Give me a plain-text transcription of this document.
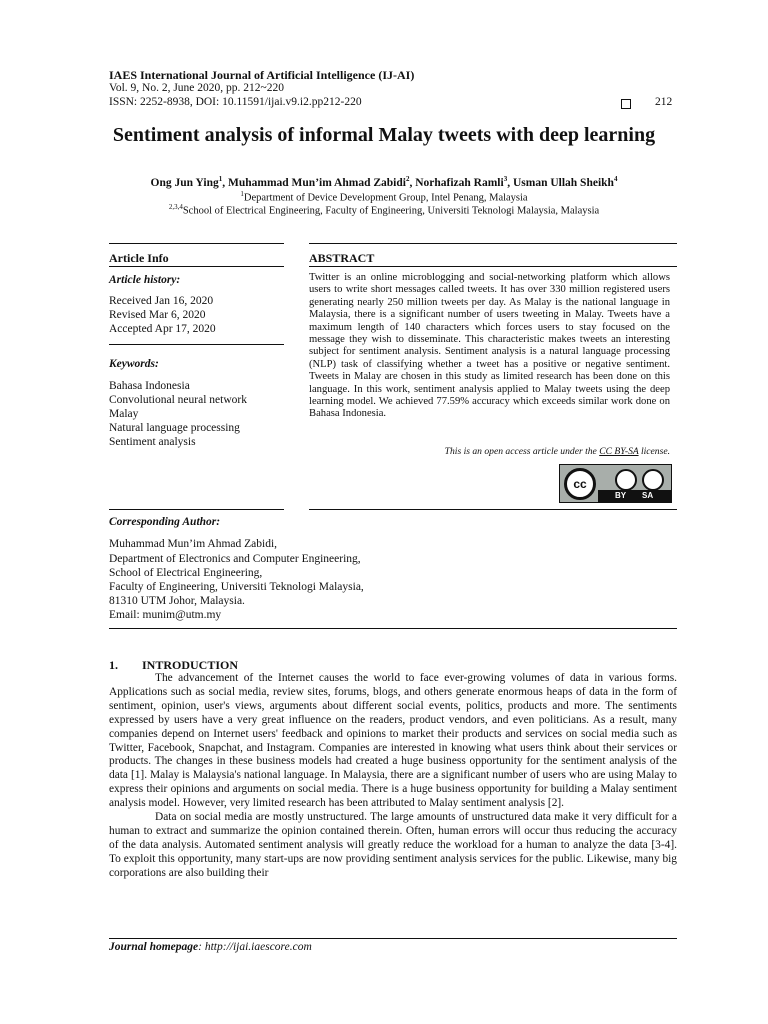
IAES International Journal of Artificial Intelligence (IJ-AI)
Vol. 9, No. 2, June 2020, pp. 212~220
ISSN: 2252-8938, DOI: 10.11591/ijai.v9.i2.pp212-220	212
Sentiment analysis of informal Malay tweets with deep learning
Ong Jun Ying$^1$, Muhammad Mun’im Ahmad Zabidi$^2$, Norhafizah Ramli$^3$, Usman Ullah Sheikh$^4$
$^1$Department of Device Development Group, Intel Penang, Malaysia
$^{2,3,4}$School of Electrical Engineering, Faculty of Engineering, Universiti Teknologi Malaysia, Malaysia
Article Info
Article history:
Received Jan 16, 2020
Revised Mar 6, 2020
Accepted Apr 17, 2020
Keywords:
Bahasa Indonesia
Convolutional neural network
Malay
Natural language processing
Sentiment analysis
ABSTRACT
Twitter is an online microblogging and social-networking platform which allows users to write short messages called tweets. It has over 330 million registered users generating nearly 250 million tweets per day. As Malay is the national language in Malaysia, there is a significant number of users tweeting in Malay. Tweets have a maximum length of 140 characters which forces users to stay focused on the message they wish to disseminate. This characteristic makes tweets an interesting subject for sentiment analysis. Sentiment analysis is a natural language processing (NLP) task of classifying whether a tweet has a positive or negative sentiment. Tweets in Malay are chosen in this study as limited research has been done on this language. In this work, sentiment analysis applied to Malay tweets using the deep learning model. We achieved 77.59% accuracy which exceeds similar work done on Bahasa Indonesia.
This is an open access article under the CC BY-SA license.
cc
BY SA
Corresponding Author:
Muhammad Mun’im Ahmad Zabidi,
Department of Electronics and Computer Engineering,
School of Electrical Engineering,
Faculty of Engineering, Universiti Teknologi Malaysia,
81310 UTM Johor, Malaysia.
Email: munim@utm.my
1. INTRODUCTION

The advancement of the Internet causes the world to face ever-growing volumes of data in various forms. Applications such as social media, review sites, forums, blogs, and others generate enormous heaps of data in the form of sentiment, opinion, user's views, arguments about different social events, politics, products and more. The sentiments expressed by users have a very great influence on the readers, product vendors, and even politicians. As a result, many companies depend on Internet users' feedback and opinions to market their products and services on social media such as Twitter, Facebook, Snapchat, and Instagram. Companies are interested in knowing what users think about their services or products. The changes in these business models had created a huge business opportunity for the sentiment analysis of the data [1]. Malay is Malaysia's national language. In Malaysia, there are a significant number of users who are using Malay to express their opinions and arguments on social media. There is a huge business opportunity for building a Malay sentiment analysis model. However, very limited research has been attributed to Malay sentiment analysis [2].

Data on social media are mostly unstructured. The large amounts of unstructured data make it very difficult for a human to extract and summarize the opinion contained therein. Often, human errors will occur thus reducing the accuracy of the data analysis. Automated sentiment analysis will greatly reduce the workload for a human to analyze the data [3-4]. To exploit this opportunity, many start-ups are now providing sentiment analysis services for the public. Likewise, many big corporations are also building their

Journal homepage: http://ijai.iaescore.com
